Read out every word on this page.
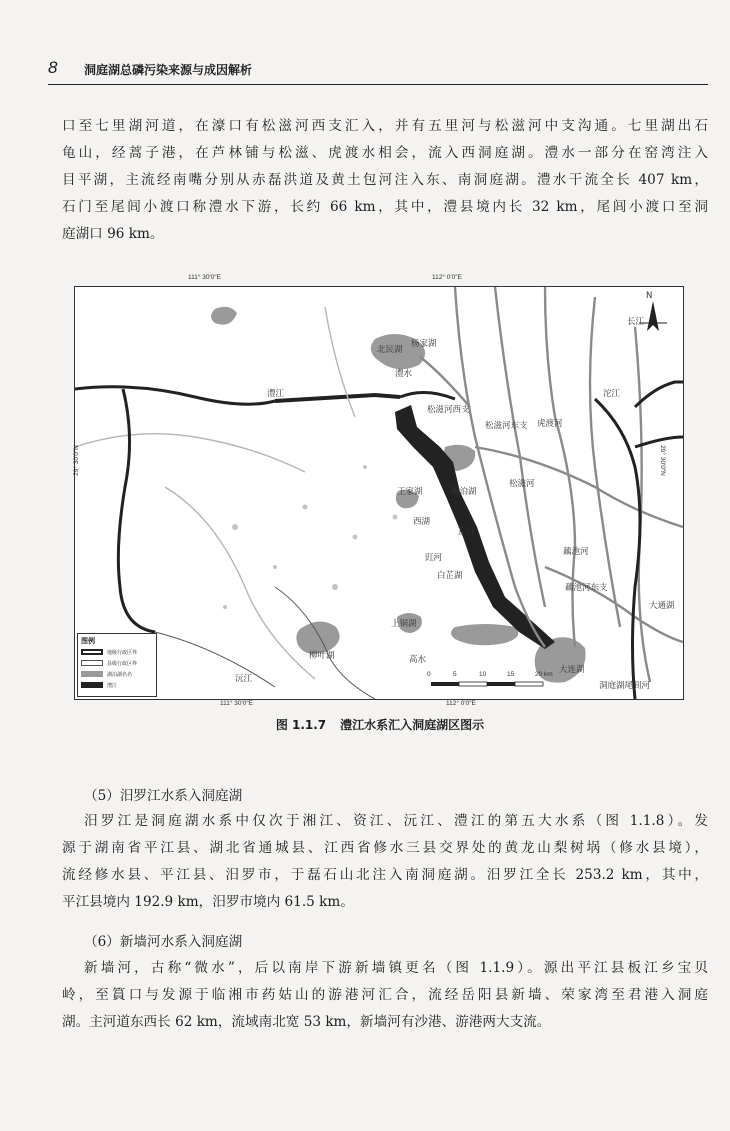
8 洞庭湖总磷污染来源与成因解析

口至七里湖河道，在濠口有松滋河西支汇入，并有五里河与松滋河中支沟通。七里湖出石
龟山，经蒿子港，在芦林铺与松滋、虎渡水相会，流入西洞庭湖。澧水一部分在窑湾注入
目平湖，主流经南嘴分别从赤磊洪道及黄土包河注入东、南洞庭湖。澧水干流全长 407 km，
石门至尾闾小渡口称澧水下游，长约 66 km，其中，澧县境内长 32 km，尾闾小渡口至洞
庭湖口 96 km。

111° 30′0″E	112° 0′0″E
N
长江
北民湖
杨家湖
澧水
澧江
松滋河西支
松滋河东支 虎渡河
沱江
松滋河
王家湖	珊泊湖
西湖
五河
豇河
白芷湖
藕池河
藕池河东支
大通湖
上铜湖
柳叶湖
沅江
高水
大连湖
洞庭湖尾闾河
29° 30′0″N	29° 30′0″N
0	5	10	15	20 km
图例
地级行政区界
县级行政区界
湖泊湖名名
澧江
111° 30′0″E	112° 0′0″E
图 1.1.7 澧江水系汇入洞庭湖区图示
（5）汨罗江水系入洞庭湖

汨罗江是洞庭湖水系中仅次于湘江、资江、沅江、澧江的第五大水系（图 1.1.8）。发
源于湖南省平江县、湖北省通城县、江西省修水三县交界处的黄龙山梨树埚（修水县境），
流经修水县、平江县、汨罗市，于磊石山北注入南洞庭湖。汨罗江全长 253.2 km，其中，
平江县境内 192.9 km，汨罗市境内 61.5 km。

（6）新墙河水系入洞庭湖

新墙河，古称“微水”，后以南岸下游新墙镇更名（图 1.1.9）。源出平江县板江乡宝贝
岭，至篔口与发源于临湘市药姑山的游港河汇合，流经岳阳县新墙、荣家湾至君港入洞庭
湖。主河道东西长 62 km，流域南北宽 53 km，新墙河有沙港、游港两大支流。
